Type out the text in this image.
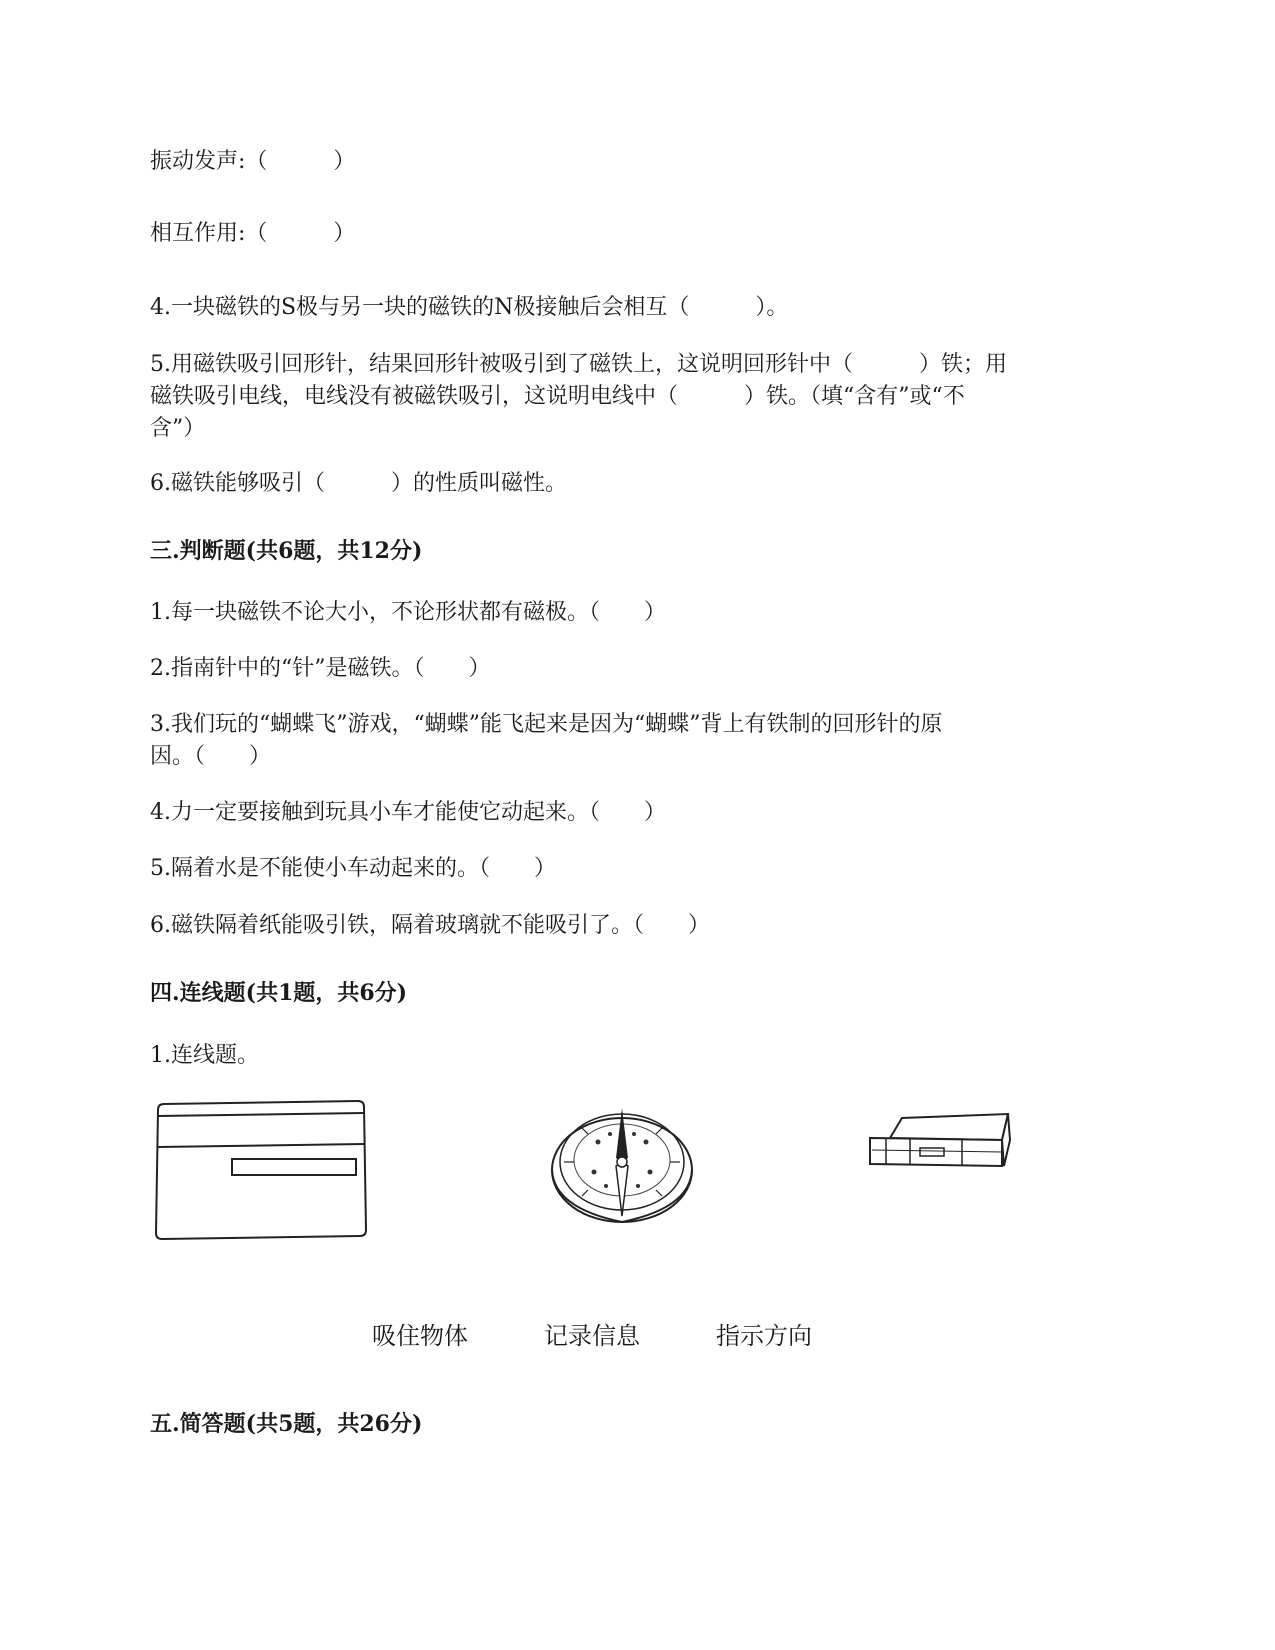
振动发声:（　　　）
相互作用:（　　　）
4.一块磁铁的S极与另一块的磁铁的N极接触后会相互（　　　）。
5.用磁铁吸引回形针，结果回形针被吸引到了磁铁上，这说明回形针中（　　　）铁；用
磁铁吸引电线，电线没有被磁铁吸引，这说明电线中（　　　）铁。（填“含有”或“不
含”）
6.磁铁能够吸引（　　　）的性质叫磁性。
三.判断题(共6题，共12分)
1.每一块磁铁不论大小，不论形状都有磁极。（　　）
2.指南针中的“针”是磁铁。（　　）
3.我们玩的“蝴蝶飞”游戏，“蝴蝶”能飞起来是因为“蝴蝶”背上有铁制的回形针的原
因。（　　）
4.力一定要接触到玩具小车才能使它动起来。（　　）
5.隔着水是不能使小车动起来的。（　　）
6.磁铁隔着纸能吸引铁，隔着玻璃就不能吸引了。（　　）
四.连线题(共1题，共6分)
1.连线题。
吸住物体	记录信息	指示方向
五.简答题(共5题，共26分)
